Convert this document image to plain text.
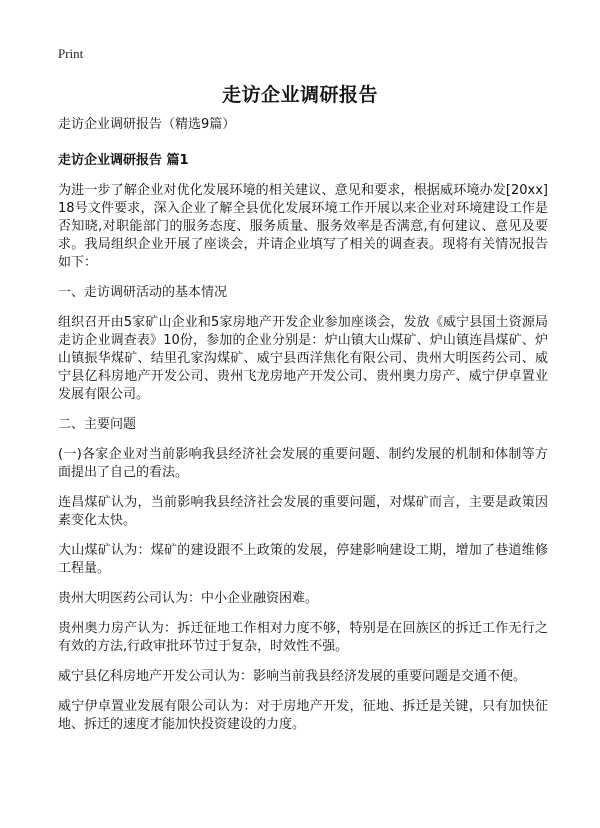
Print
走访企业调研报告

走访企业调研报告（精选9篇）

走访企业调研报告 篇1

为进一步了解企业对优化发展环境的相关建议、意见和要求，根据威环境办发[20xx]18号文件要求，深入企业了解全县优化发展环境工作开展以来企业对环境建设工作是否知晓,对职能部门的服务态度、服务质量、服务效率是否满意,有何建议、意见及要求。我局组织企业开展了座谈会，并请企业填写了相关的调查表。现将有关情况报告如下：

一、走访调研活动的基本情况

组织召开由5家矿山企业和5家房地产开发企业参加座谈会，发放《威宁县国土资源局走访企业调查表》10份，参加的企业分别是：炉山镇大山煤矿、炉山镇连昌煤矿、炉山镇振华煤矿、结里孔家沟煤矿、威宁县西洋焦化有限公司、贵州大明医药公司、威宁县亿科房地产开发公司、贵州飞龙房地产开发公司、贵州奥力房产、威宁伊卓置业发展有限公司。

二、主要问题

(一)各家企业对当前影响我县经济社会发展的重要问题、制约发展的机制和体制等方面提出了自己的看法。

连昌煤矿认为，当前影响我县经济社会发展的重要问题，对煤矿而言，主要是政策因素变化太快。

大山煤矿认为：煤矿的建设跟不上政策的发展，停建影响建设工期，增加了巷道维修工程量。

贵州大明医药公司认为：中小企业融资困难。

贵州奥力房产认为：拆迁征地工作相对力度不够，特别是在回族区的拆迁工作无行之有效的方法,行政审批环节过于复杂，时效性不强。

威宁县亿科房地产开发公司认为：影响当前我县经济发展的重要问题是交通不便。

威宁伊卓置业发展有限公司认为：对于房地产开发，征地、拆迁是关键，只有加快征地、拆迁的速度才能加快投资建设的力度。
